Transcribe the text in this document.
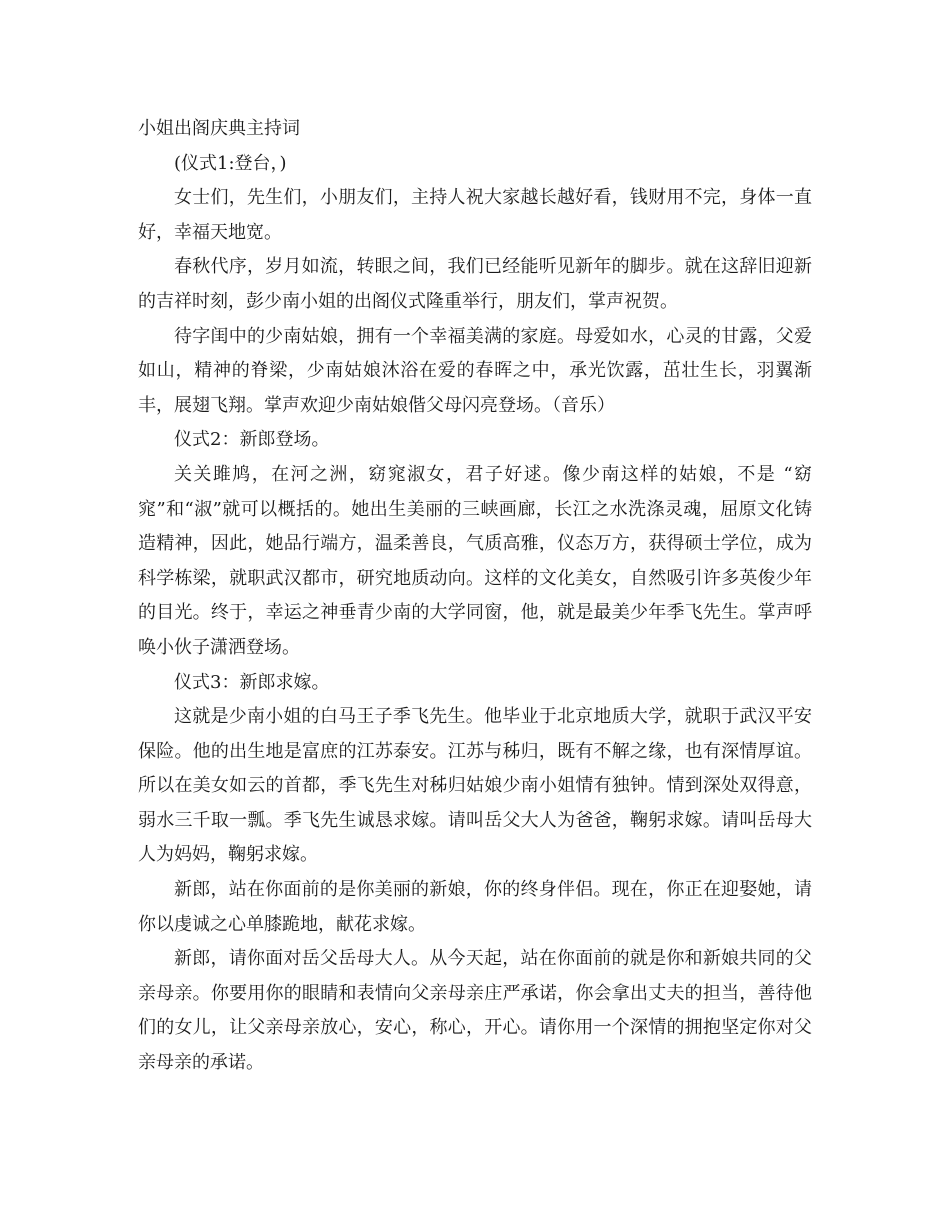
小姐出阁庆典主持词

(仪式1:登台，)

女士们，先生们，小朋友们，主持人祝大家越长越好看，钱财用不完，身体一直好，幸福天地宽。

春秋代序，岁月如流，转眼之间，我们已经能听见新年的脚步。就在这辞旧迎新的吉祥时刻，彭少南小姐的出阁仪式隆重举行，朋友们，掌声祝贺。

待字闺中的少南姑娘，拥有一个幸福美满的家庭。母爱如水，心灵的甘露，父爱如山，精神的脊梁，少南姑娘沐浴在爱的春晖之中，承光饮露，茁壮生长，羽翼渐丰，展翅飞翔。掌声欢迎少南姑娘偕父母闪亮登场。（音乐）

仪式2：新郎登场。

关关雎鸠，在河之洲，窈窕淑女，君子好逑。像少南这样的姑娘，不是 “窈窕”和“淑”就可以概括的。她出生美丽的三峡画廊，长江之水洗涤灵魂，屈原文化铸造精神，因此，她品行端方，温柔善良，气质高雅，仪态万方，获得硕士学位，成为科学栋梁，就职武汉都市，研究地质动向。这样的文化美女，自然吸引许多英俊少年的目光。终于，幸运之神垂青少南的大学同窗，他，就是最美少年季飞先生。掌声呼唤小伙子潇洒登场。

仪式3：新郎求嫁。

这就是少南小姐的白马王子季飞先生。他毕业于北京地质大学，就职于武汉平安保险。他的出生地是富庶的江苏泰安。江苏与秭归，既有不解之缘，也有深情厚谊。所以在美女如云的首都，季飞先生对秭归姑娘少南小姐情有独钟。情到深处双得意，弱水三千取一瓢。季飞先生诚恳求嫁。请叫岳父大人为爸爸，鞠躬求嫁。请叫岳母大人为妈妈，鞠躬求嫁。

新郎，站在你面前的是你美丽的新娘，你的终身伴侣。现在，你正在迎娶她，请你以虔诚之心单膝跪地，献花求嫁。

新郎，请你面对岳父岳母大人。从今天起，站在你面前的就是你和新娘共同的父亲母亲。你要用你的眼睛和表情向父亲母亲庄严承诺，你会拿出丈夫的担当，善待他们的女儿，让父亲母亲放心，安心，称心，开心。请你用一个深情的拥抱坚定你对父亲母亲的承诺。
